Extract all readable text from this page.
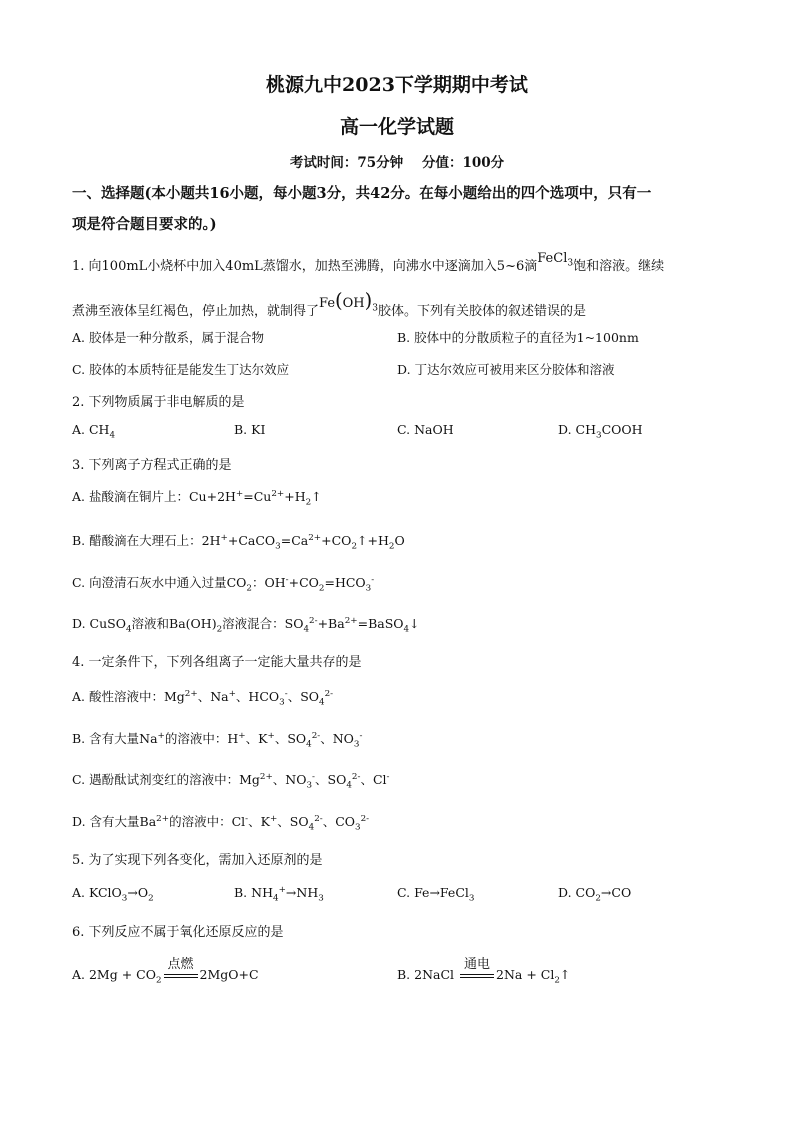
桃源九中2023下学期期中考试
高一化学试题
考试时间：75分钟    分值：100分
一、选择题(本小题共16小题，每小题3分，共42分。在每小题给出的四个选项中，只有一
项是符合题目要求的。)
1. 向100mL小烧杯中加入40mL蒸馏水，加热至沸腾，向沸水中逐滴加入5~6滴FeCl$_3$饱和溶液。继续
煮沸至液体呈红褐色，停止加热，就制得了$Fe(OH)_3$胶体。下列有关胶体的叙述错误的是
A. 胶体是一种分散系，属于混合物	B. 胶体中的分散质粒子的直径为1~100nm
C. 胶体的本质特征是能发生丁达尔效应	D. 丁达尔效应可被用来区分胶体和溶液
2. 下列物质属于非电解质的是
A. $CH_4$	B. KI	C. NaOH	D. $CH_3COOH$
3. 下列离子方程式正确的是
A. 盐酸滴在铜片上：$Cu+2H^+=Cu^{2+}+H_2↑$
B. 醋酸滴在大理石上：$2H^++CaCO_3=Ca^{2+}+CO_2↑+H_2O$
C. 向澄清石灰水中通入过量$CO_2$：$OH^-+CO_2=HCO_3^-$
D. CuSO$_4$溶液和$Ba(OH)_2$溶液混合：$SO_4^{2-}+Ba^{2+}=BaSO_4↓$
4. 一定条件下，下列各组离子一定能大量共存的是
A. 酸性溶液中：$Mg^{2+}$、Na+、$HCO_3^-$、$SO_4^{2-}$
B. 含有大量Na+的溶液中：H+、K+、$SO_4^{2-}$、$NO_3^-$
C. 遇酚酞试剂变红的溶液中：$Mg^{2+}$、$NO_3^-$、$SO_4^{2-}$、Cl-
D. 含有大量$Ba^{2+}$的溶液中：Cl-、K+、$SO_4^{2-}$、$CO_3^{2-}$
5. 为了实现下列各变化，需加入还原剂的是
A. $KClO_3\to O_2$	B. $NH_4^+\to NH_3$	C. Fe→FeCl$_3$	D. $CO_2\to CO$
6. 下列反应不属于氧化还原反应的是
A. $2Mg + CO_2$
点燃
2MgO+C	B. 2NaCl
通电
$2Na + Cl_2↑$
